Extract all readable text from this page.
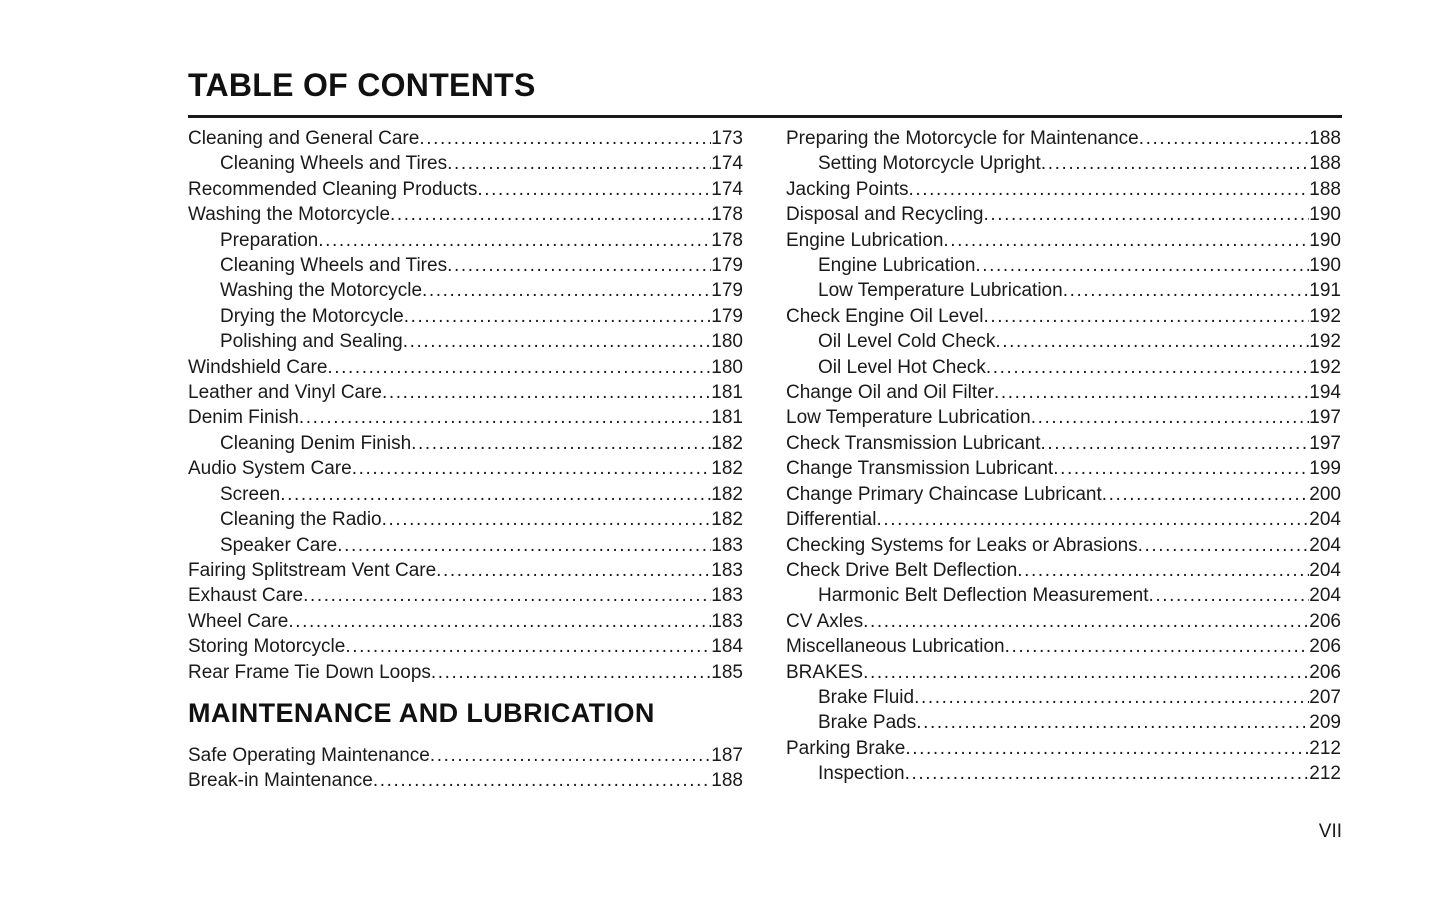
TABLE OF CONTENTS
Cleaning and General Care .....	173
Cleaning Wheels and Tires .....	174
Recommended Cleaning Products .....	174
Washing the Motorcycle .....	178
Preparation .....	178
Cleaning Wheels and Tires .....	179
Washing the Motorcycle .....	179
Drying the Motorcycle .....	179
Polishing and Sealing .....	180
Windshield Care .....	180
Leather and Vinyl Care .....	181
Denim Finish .....	181
Cleaning Denim Finish .....	182
Audio System Care .....	182
Screen .....	182
Cleaning the Radio .....	182
Speaker Care .....	183
Fairing Splitstream Vent Care .....	183
Exhaust Care .....	183
Wheel Care .....	183
Storing Motorcycle .....	184
Rear Frame Tie Down Loops .....	185
MAINTENANCE AND LUBRICATION
Safe Operating Maintenance .....	187
Break-in Maintenance .....	188
Preparing the Motorcycle for Maintenance .....	188
Setting Motorcycle Upright .....	188
Jacking Points .....	188
Disposal and Recycling .....	190
Engine Lubrication .....	190
Engine Lubrication .....	190
Low Temperature Lubrication .....	191
Check Engine Oil Level .....	192
Oil Level Cold Check .....	192
Oil Level Hot Check .....	192
Change Oil and Oil Filter .....	194
Low Temperature Lubrication .....	197
Check Transmission Lubricant .....	197
Change Transmission Lubricant .....	199
Change Primary Chaincase Lubricant .....	200
Differential .....	204
Checking Systems for Leaks or Abrasions .....	204
Check Drive Belt Deflection .....	204
Harmonic Belt Deflection Measurement .....	204
CV Axles .....	206
Miscellaneous Lubrication .....	206
BRAKES .....	206
Brake Fluid .....	207
Brake Pads .....	209
Parking Brake .....	212
Inspection .....	212
VII
